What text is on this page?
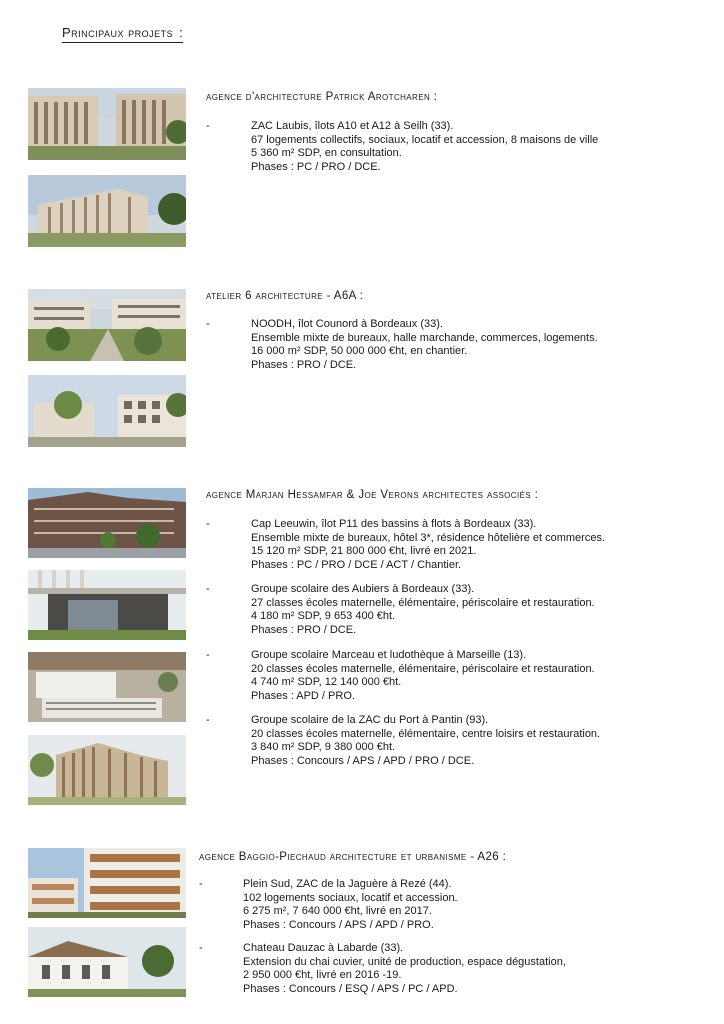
Principaux projets :
agence d'architecture Patrick Arotcharen :
-	ZAC Laubis, îlots A10 et A12 à Seilh (33).
67 logements collectifs, sociaux, locatif et accession, 8 maisons de ville
5 360 m² SDP, en consultation.
Phases : PC / PRO / DCE.
atelier 6 architecture - A6A :
-	NOODH, îlot Counord à Bordeaux (33).
Ensemble mixte de bureaux, halle marchande, commerces, logements.
16 000 m² SDP, 50 000 000 €ht, en chantier.
Phases : PRO / DCE.
agence Marjan Hessamfar & Joe Verons architectes associés :
-	Cap Leeuwin, îlot P11 des bassins à flots à Bordeaux (33).
Ensemble mixte de bureaux, hôtel 3*, résidence hôtelière et commerces.
15 120 m² SDP, 21 800 000 €ht, livré en 2021.
Phases : PC / PRO / DCE / ACT / Chantier.
-	Groupe scolaire des Aubiers à Bordeaux (33).
27 classes écoles maternelle, élémentaire, périscolaire et restauration.
4 180 m² SDP, 9 653 400 €ht.
Phases : PRO / DCE.
-	Groupe scolaire Marceau et ludothèque à Marseille (13).
20 classes écoles maternelle, élémentaire, périscolaire et restauration.
4 740 m² SDP, 12 140 000 €ht.
Phases : APD / PRO.
-	Groupe scolaire de la ZAC du Port à Pantin (93).
20 classes écoles maternelle, élémentaire, centre loisirs et restauration.
3 840 m² SDP, 9 380 000 €ht.
Phases : Concours / APS / APD / PRO / DCE.
agence Baggio-Piechaud architecture et urbanisme - A26 :
-	Plein Sud, ZAC de la Jaguère à Rezé (44).
102 logements sociaux, locatif et accession.
6 275 m², 7 640 000 €ht, livré en 2017.
Phases : Concours / APS / APD / PRO.
-	Chateau Dauzac à Labarde (33).
Extension du chai cuvier, unité de production, espace dégustation,
2 950 000 €ht, livré en 2016 -19.
Phases : Concours / ESQ / APS / PC / APD.
